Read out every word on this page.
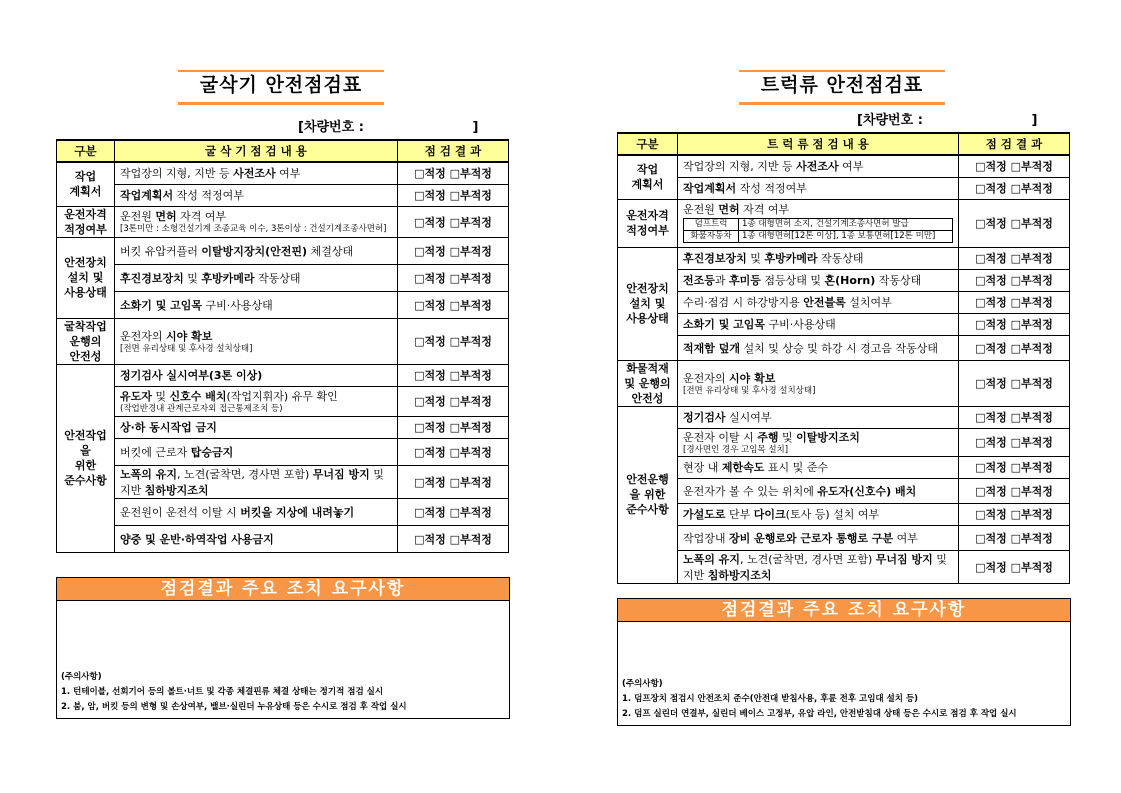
굴삭기 안전점검표
[차량번호 :                        ]
구분	굴 삭 기 점 검 내 용	점 검 결 과
작업
계획서	작업장의 지형, 지반 등 사전조사 여부	□적정 □부적정
	작업계획서 작성 적정여부	□적정 □부적정
운전자격
적정여부	운전원 면허 자격 여부
[3톤미만 : 소형건설기계 조종교육 이수, 3톤이상 : 건설기계조종사면허]	□적정 □부적정
안전장치
설치 및
사용상태	버킷 유압커플러 이탈방지장치(안전핀) 체결상태	□적정 □부적정
	후진경보장치 및 후방카메라 작동상태	□적정 □부적정
	소화기 및 고임목 구비·사용상태	□적정 □부적정
굴착작업
운행의
안전성	운전자의 시야 확보
[전면 유리상태 및 후사경 설치상태]	□적정 □부적정
안전작업을
위한
준수사항	정기검사 실시여부(3톤 이상)	□적정 □부적정
	유도자 및 신호수 배치(작업지휘자) 유무 확인
(작업반경내 관계근로자외 접근통제조치 등)	□적정 □부적정
	상·하 동시작업 금지	□적정 □부적정
	버킷에 근로자 탑승금지	□적정 □부적정
	노폭의 유지, 노견(굴착면, 경사면 포함) 무너짐 방지 및 지반 침하방지조치	□적정 □부적정
	운전원이 운전석 이탈 시 버킷을 지상에 내려놓기	□적정 □부적정
	양중 및 운반·하역작업 사용금지	□적정 □부적정
점검결과 주요 조치 요구사항
(주의사항)
1. 턴테이블, 선회기어 등의 볼트·너트 및 각종 체결핀류 체결 상태는 정기적 점검 실시
2. 붐, 암, 버킷 등의 변형 및 손상여부, 밸브·실린더 누유상태 등은 수시로 점검 후 작업 실시
트럭류 안전점검표
[차량번호 :                        ]
구분	트 럭 류 점 검 내 용	점 검 결 과
작업
계획서	작업장의 지형, 지반 등 사전조사 여부	□적정 □부적정
작업계획서 작성 적정여부	□적정 □부적정
운전자격
적정여부	운전원 면허 자격 여부
덤프트럭	1종 대형면허 소지, 건설기계조종사면허 발급
화물자동차	1종 대형면허[12톤 이상], 1종 보통면허[12톤 미만]
	□적정 □부적정
안전장치
설치 및
사용상태	후진경보장치 및 후방카메라 작동상태	□적정 □부적정
전조등과 후미등 점등상태 및 혼(Horn) 작동상태	□적정 □부적정
수리·점검 시 하강방지용 안전블록 설치여부	□적정 □부적정
소화기 및 고임목 구비·사용상태	□적정 □부적정
적재함 덮개 설치 및 상승 및 하강 시 경고음 작동상태	□적정 □부적정
화물적재
및 운행의
안전성	운전자의 시야 확보
[전면 유리상태 및 후사경 설치상태]
	□적정 □부적정
안전운행
을 위한
준수사항	정기검사 실시여부	□적정 □부적정
운전자 이탈 시 주행 및 이탈방지조치
[경사면인 경우 고임목 설치]
	□적정 □부적정
현장 내 제한속도 표시 및 준수	□적정 □부적정
운전자가 볼 수 있는 위치에 유도자(신호수) 배치	□적정 □부적정
가설도로 단부 다이크(토사 등) 설치 여부	□적정 □부적정
작업장내 장비 운행로와 근로자 통행로 구분 여부	□적정 □부적정
노폭의 유지, 노견(굴착면, 경사면 포함) 무너짐 방지 및 지반 침하방지조치	□적정 □부적정
점검결과 주요 조치 요구사항
(주의사항)
1. 덤프장치 점검시 안전조치 준수(안전대 받침사용, 후륜 전후 고임대 설치 등)
2. 덤프 실린더 연결부, 실린더 베이스 고정부, 유압 라인, 안전받침대 상태 등은 수시로 점검 후 작업 실시
